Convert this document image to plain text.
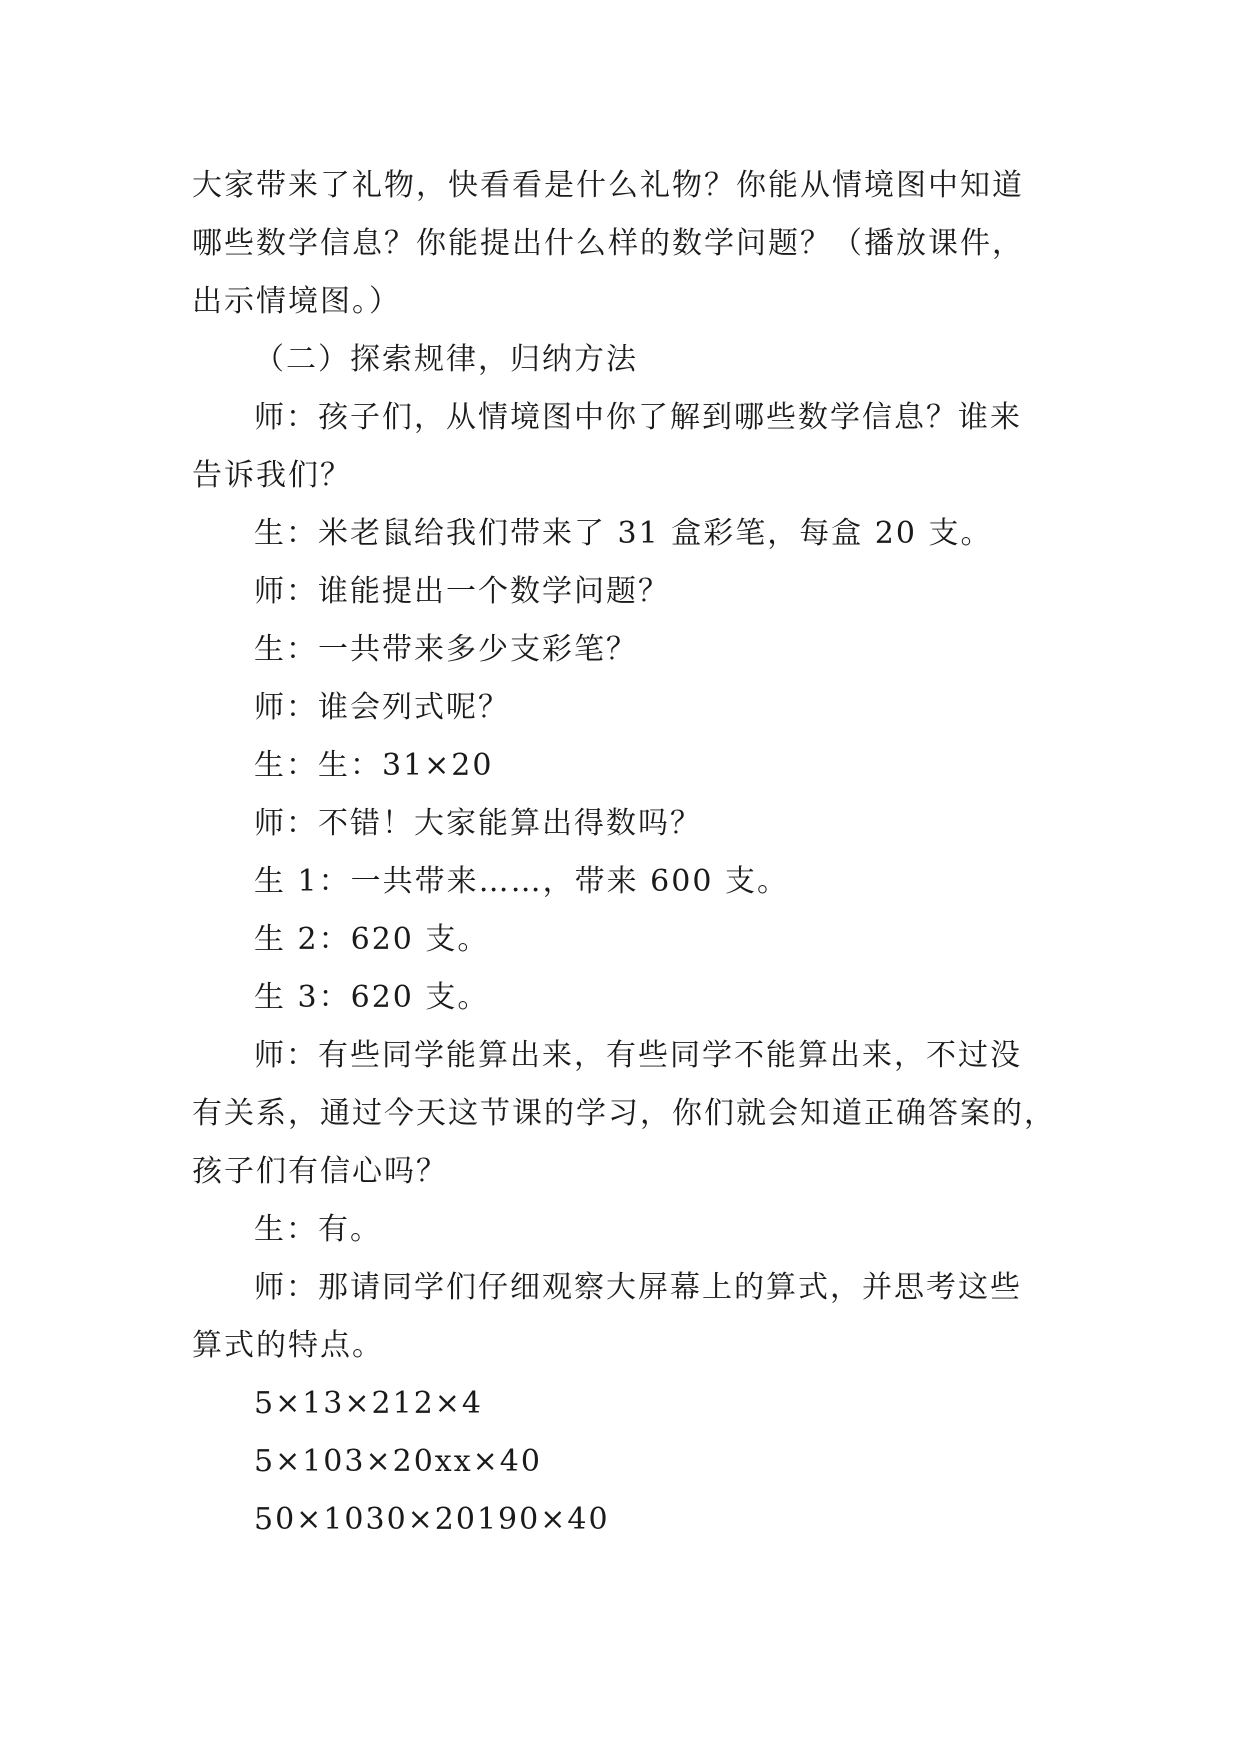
大家带来了礼物，快看看是什么礼物？你能从情境图中知道
哪些数学信息？你能提出什么样的数学问题？（播放课件，
出示情境图。）
（二）探索规律，归纳方法
师：孩子们，从情境图中你了解到哪些数学信息？谁来
告诉我们？
生：米老鼠给我们带来了 31 盒彩笔，每盒 20 支。
师：谁能提出一个数学问题？
生：一共带来多少支彩笔？
师：谁会列式呢？
生：生：31×20
师：不错！大家能算出得数吗？
生 1：一共带来……，带来 600 支。
生 2：620 支。
生 3：620 支。
师：有些同学能算出来，有些同学不能算出来，不过没
有关系，通过今天这节课的学习，你们就会知道正确答案的，
孩子们有信心吗？
生：有。
师：那请同学们仔细观察大屏幕上的算式，并思考这些
算式的特点。
5×13×212×4
5×103×20xx×40
50×1030×20190×40
